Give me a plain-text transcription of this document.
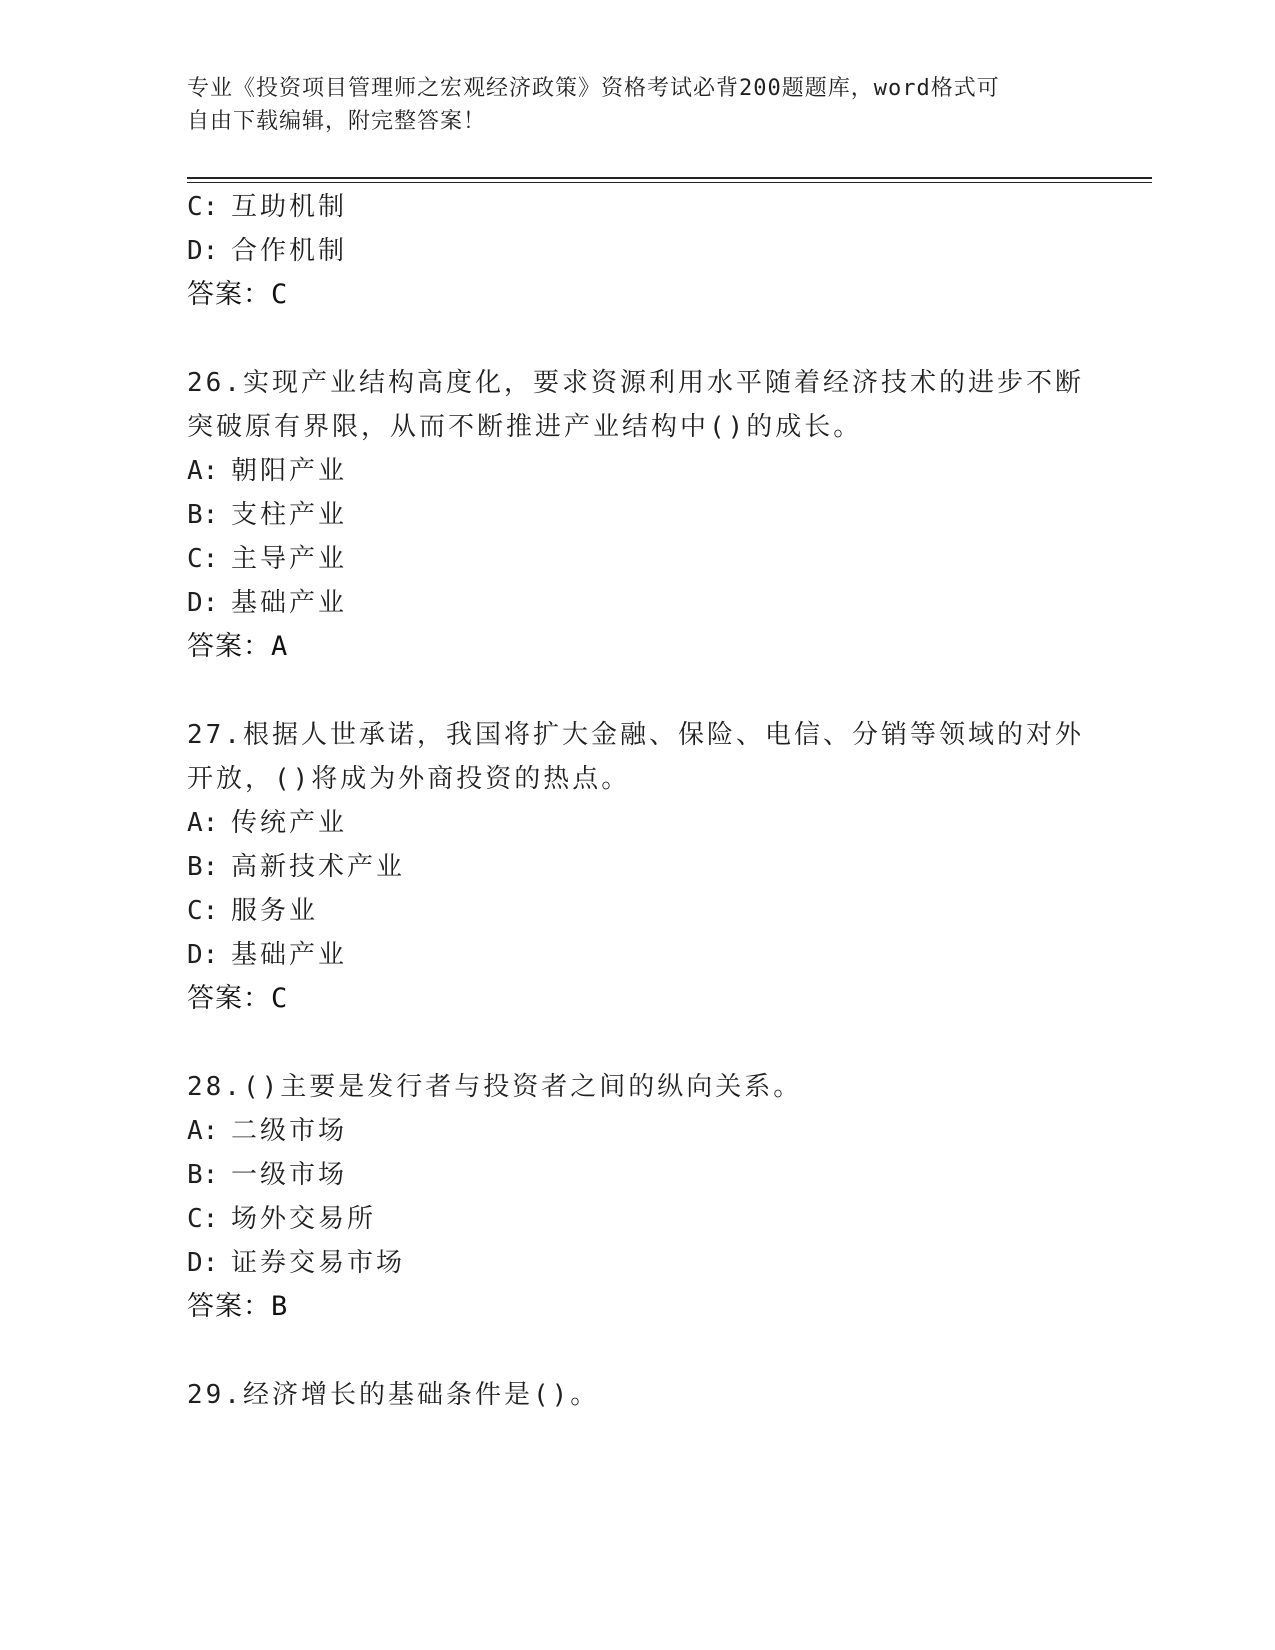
专业《投资项目管理师之宏观经济政策》资格考试必背200题题库，word格式可
自由下载编辑，附完整答案！
C: 互助机制
D: 合作机制
答案：C
26.实现产业结构高度化，要求资源利用水平随着经济技术的进步不断
突破原有界限，从而不断推进产业结构中()的成长。
A: 朝阳产业
B: 支柱产业
C: 主导产业
D: 基础产业
答案：A
27.根据人世承诺，我国将扩大金融、保险、电信、分销等领域的对外
开放，()将成为外商投资的热点。
A: 传统产业
B: 高新技术产业
C: 服务业
D: 基础产业
答案：C
28.()主要是发行者与投资者之间的纵向关系。
A: 二级市场
B: 一级市场
C: 场外交易所
D: 证券交易市场
答案：B
29.经济增长的基础条件是()。
